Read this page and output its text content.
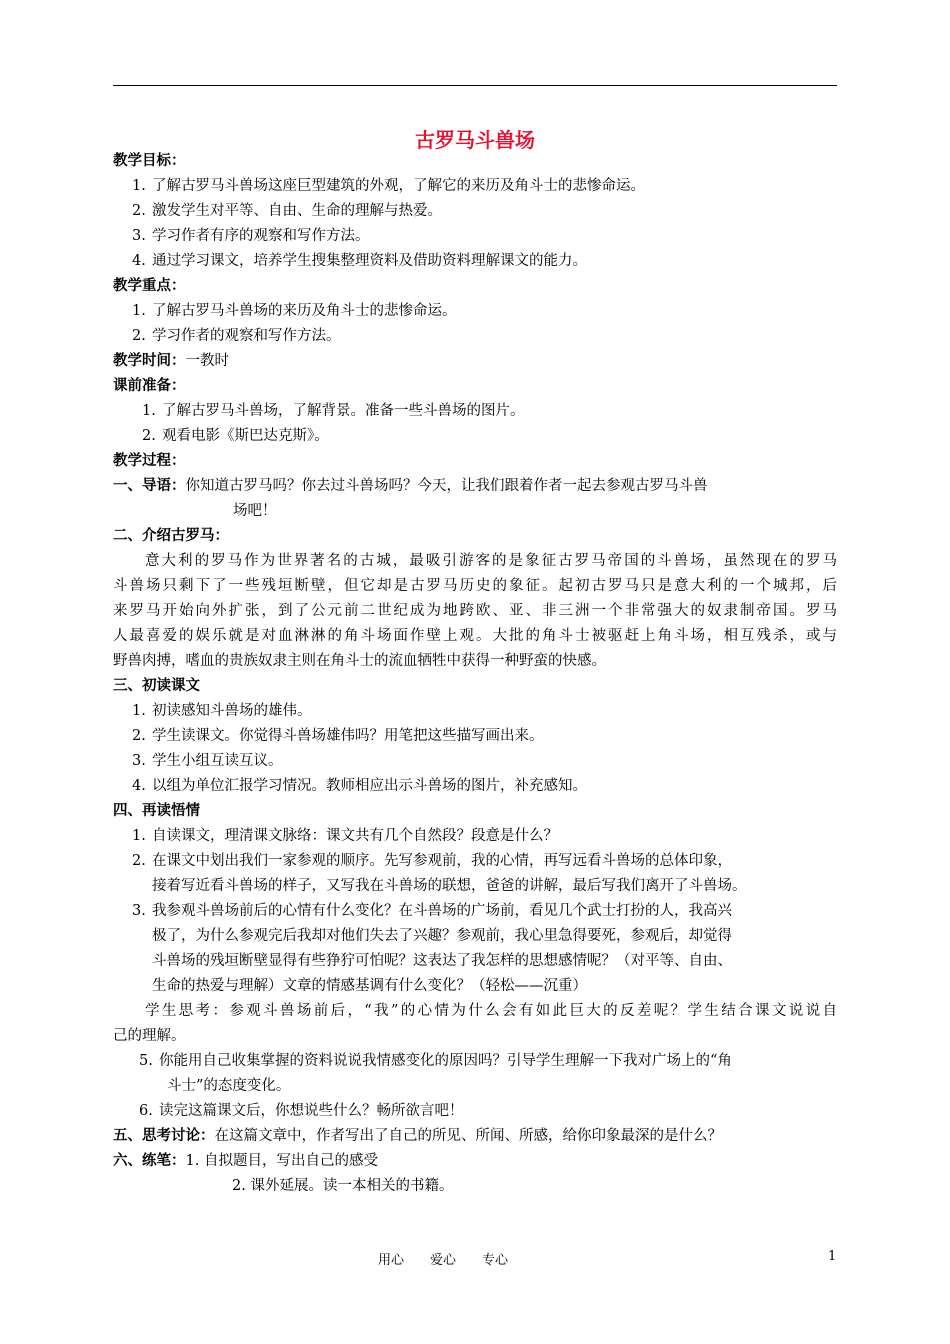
古罗马斗兽场
教学目标：
1. 了解古罗马斗兽场这座巨型建筑的外观，了解它的来历及角斗士的悲惨命运。
2. 激发学生对平等、自由、生命的理解与热爱。
3. 学习作者有序的观察和写作方法。
4. 通过学习课文，培养学生搜集整理资料及借助资料理解课文的能力。
教学重点：
1. 了解古罗马斗兽场的来历及角斗士的悲惨命运。
2. 学习作者的观察和写作方法。
教学时间：一教时
课前准备：
1. 了解古罗马斗兽场，了解背景。准备一些斗兽场的图片。
2. 观看电影《斯巴达克斯》。
教学过程：
一、导语：你知道古罗马吗？你去过斗兽场吗？今天，让我们跟着作者一起去参观古罗马斗兽
场吧！
二、介绍古罗马：
意大利的罗马作为世界著名的古城，最吸引游客的是象征古罗马帝国的斗兽场，虽然现在的罗马
斗兽场只剩下了一些残垣断壁，但它却是古罗马历史的象征。起初古罗马只是意大利的一个城邦，后
来罗马开始向外扩张，到了公元前二世纪成为地跨欧、亚、非三洲一个非常强大的奴隶制帝国。罗马
人最喜爱的娱乐就是对血淋淋的角斗场面作壁上观。大批的角斗士被驱赶上角斗场，相互残杀，或与
野兽肉搏，嗜血的贵族奴隶主则在角斗士的流血牺牲中获得一种野蛮的快感。
三、初读课文
1. 初读感知斗兽场的雄伟。
2. 学生读课文。你觉得斗兽场雄伟吗？用笔把这些描写画出来。
3. 学生小组互读互议。
4. 以组为单位汇报学习情况。教师相应出示斗兽场的图片，补充感知。
四、再读悟情
1. 自读课文，理清课文脉络：课文共有几个自然段？段意是什么？
2. 在课文中划出我们一家参观的顺序。先写参观前，我的心情，再写远看斗兽场的总体印象，
接着写近看斗兽场的样子，又写我在斗兽场的联想，爸爸的讲解，最后写我们离开了斗兽场。
3. 我参观斗兽场前后的心情有什么变化？在斗兽场的广场前，看见几个武士打扮的人，我高兴
极了，为什么参观完后我却对他们失去了兴趣？参观前，我心里急得要死，参观后，却觉得
斗兽场的残垣断壁显得有些狰狞可怕呢？这表达了我怎样的思想感情呢？（对平等、自由、
生命的热爱与理解）文章的情感基调有什么变化？（轻松——沉重）
学生思考：参观斗兽场前后，“我”的心情为什么会有如此巨大的反差呢？学生结合课文说说自
己的理解。
5. 你能用自己收集掌握的资料说说我情感变化的原因吗？引导学生理解一下我对广场上的“角
斗士”的态度变化。
6. 读完这篇课文后，你想说些什么？畅所欲言吧！
五、思考讨论：在这篇文章中，作者写出了自己的所见、所闻、所感，给你印象最深的是什么？
六、练笔：1. 自拟题目，写出自己的感受
2. 课外延展。读一本相关的书籍。
用心　　爱心　　专心	1
